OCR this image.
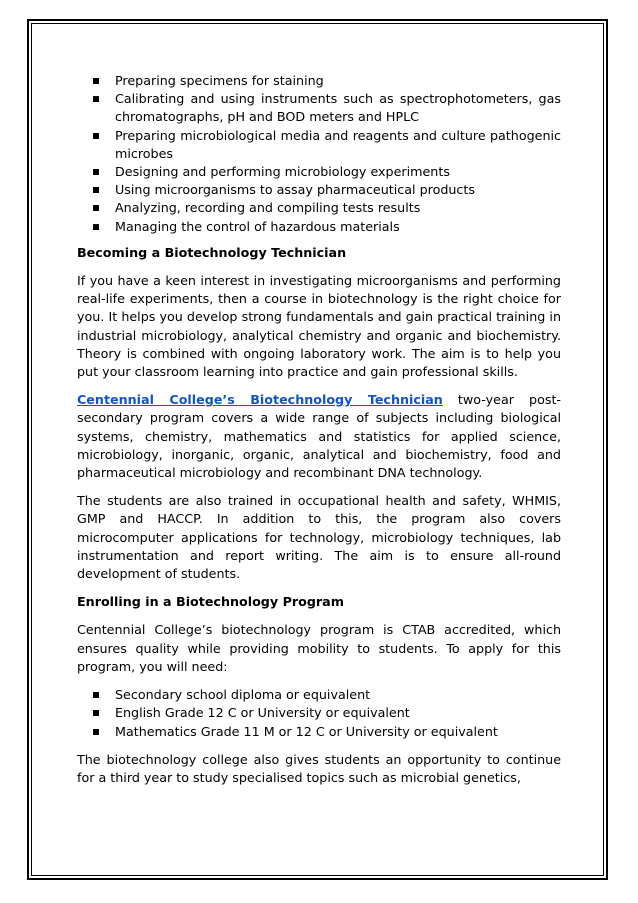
Preparing specimens for staining
Calibrating and using instruments such as spectrophotometers, gas chromatographs, pH and BOD meters and HPLC
Preparing microbiological media and reagents and culture pathogenic microbes
Designing and performing microbiology experiments
Using microorganisms to assay pharmaceutical products
Analyzing, recording and compiling tests results
Managing the control of hazardous materials
Becoming a Biotechnology Technician

If you have a keen interest in investigating microorganisms and performing real-life experiments, then a course in biotechnology is the right choice for you. It helps you develop strong fundamentals and gain practical training in industrial microbiology, analytical chemistry and organic and biochemistry. Theory is combined with ongoing laboratory work. The aim is to help you put your classroom learning into practice and gain professional skills.

Centennial College’s Biotechnology Technician two-year post-secondary program covers a wide range of subjects including biological systems, chemistry, mathematics and statistics for applied science, microbiology, inorganic, organic, analytical and biochemistry, food and pharmaceutical microbiology and recombinant DNA technology.

The students are also trained in occupational health and safety, WHMIS, GMP and HACCP. In addition to this, the program also covers microcomputer applications for technology, microbiology techniques, lab instrumentation and report writing. The aim is to ensure all-round development of students.

Enrolling in a Biotechnology Program

Centennial College’s biotechnology program is CTAB accredited, which ensures quality while providing mobility to students. To apply for this program, you will need:

Secondary school diploma or equivalent
English Grade 12 C or University or equivalent
Mathematics Grade 11 M or 12 C or University or equivalent

The biotechnology college also gives students an opportunity to continue for a third year to study specialised topics such as microbial genetics,
